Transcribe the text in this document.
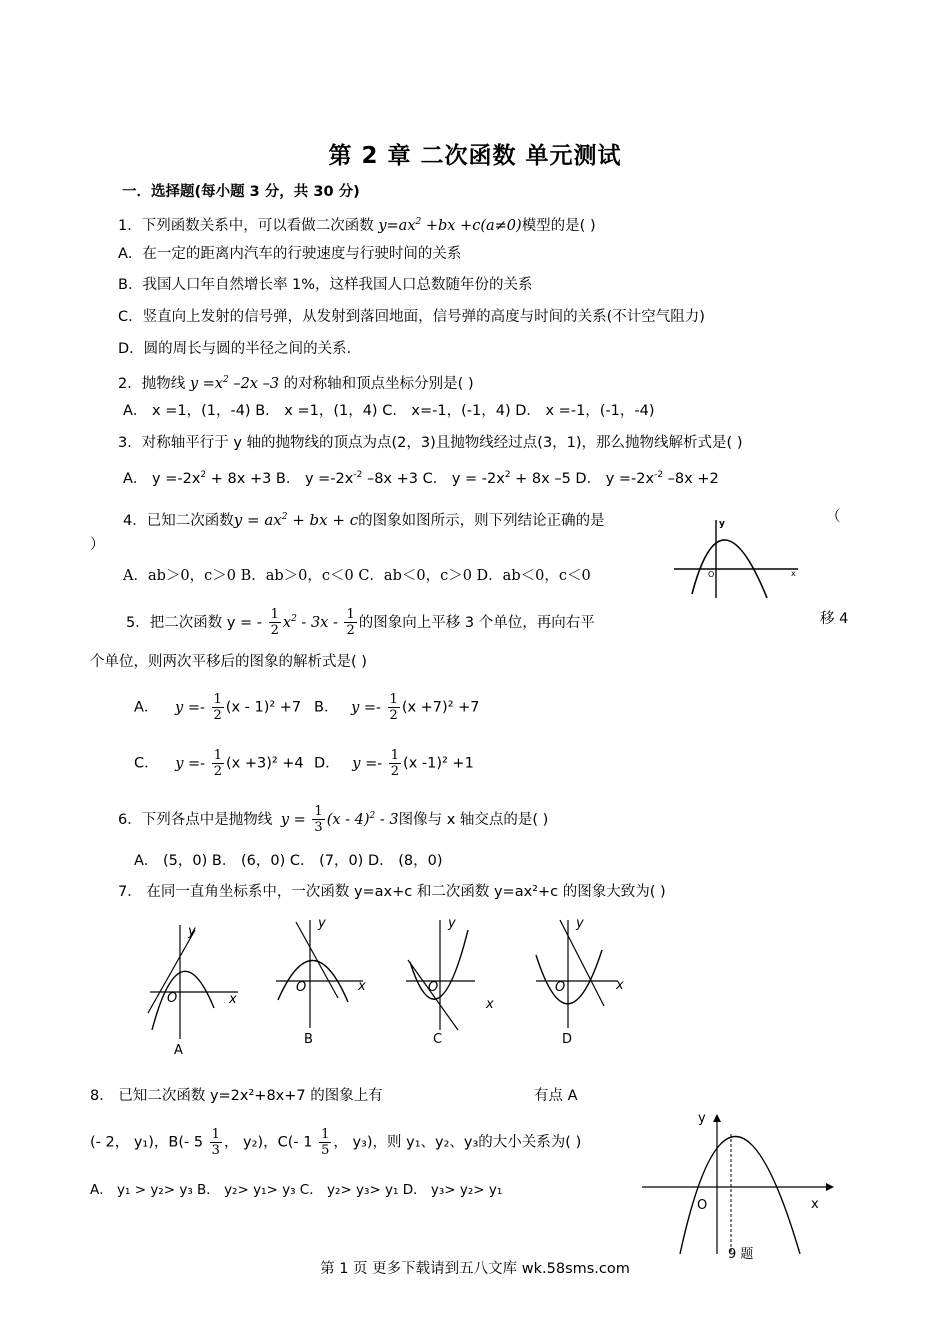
第 2 章 二次函数 单元测试
一．选择题(每小题 3 分，共 30 分)
1．下列函数关系中，可以看做二次函数 $y=ax^2 +bx +c(a\ne 0)$模型的是( )
A．在一定的距离内汽车的行驶速度与行驶时间的关系
B．我国人口年自然增长率 1%，这样我国人口总数随年份的关系
C．竖直向上发射的信号弹，从发射到落回地面，信号弹的高度与时间的关系(不计空气阻力)
D．圆的周长与圆的半径之间的关系．
2．抛物线 $y =x^2$ –2x –3 的对称轴和顶点坐标分别是( )
A． x =1，(1，-4) B． x =1，(1，4) C． x=-1，(-1，4) D． x =-1，(-1，-4)
3．对称轴平行于 y 轴的抛物线的顶点为点(2，3)且抛物线经过点(3，1)，那么抛物线解析式是( )
A． $y =-2x^2 + 8x +3$ B． $y =-2x^{-2}$ –8x +3 C． $y = -2x^2 + 8x$ –5 D． $y =-2x^{-2}$ –8x +2
4．已知二次函数$y = ax^2$ + bx + c的图象如图所示，则下列结论正确的是	（
）
A．ab＞0，c＞0 B．ab＞0，c＜0 C．ab＜0，c＞0 D．ab＜0，c＜0
y
O	x
5．把二次函数 y = - $\frac{1}{2} x^2 - 3x - \frac{1}{2}$ 的图象向上平移 3 个单位，再向右平	移 4
个单位，则两次平移后的图象的解析式是( )
A． $y =- \frac{1}{2} (x - 1)^2 +7$ B． $y =- \frac{1}{2} (x +7)^2 +7$
C． $y =- \frac{1}{2} (x +3)^2 +4$ D． $y =- \frac{1}{2} (x$ -1)² +1
6．下列各点中是抛物线 $y = \frac{1}{3} (x - 4)^2 - 3$图像与 x 轴交点的是( )
A． (5，0) B． (6，0) C． (7，0) D． (8，0)
7． 在同一直角坐标系中，一次函数 y=ax+c 和二次函数 y=ax²+c 的图象大致为( )
y
x
O
A
y
x
O
B
y
x
O
C
y
x
O
D
8． 已知二次函数 y=2x²+8x+7 的图象上有	有点 A
(- 2， y₁)，B(- $5 \frac{1}{3}$ ， y₂)，C(- $1 \frac{1}{5}$ ， y₃)，则 y₁、y₂、y₃的大小关系为( )
A． y₁ > y₂> y₃ B． y₂> y₁> y₃ C． y₂> y₃> y₁ D． y₃> y₂> y₁
y
x
O
9 题
第 1 页 更多下载请到五八文库 wk.58sms.com
